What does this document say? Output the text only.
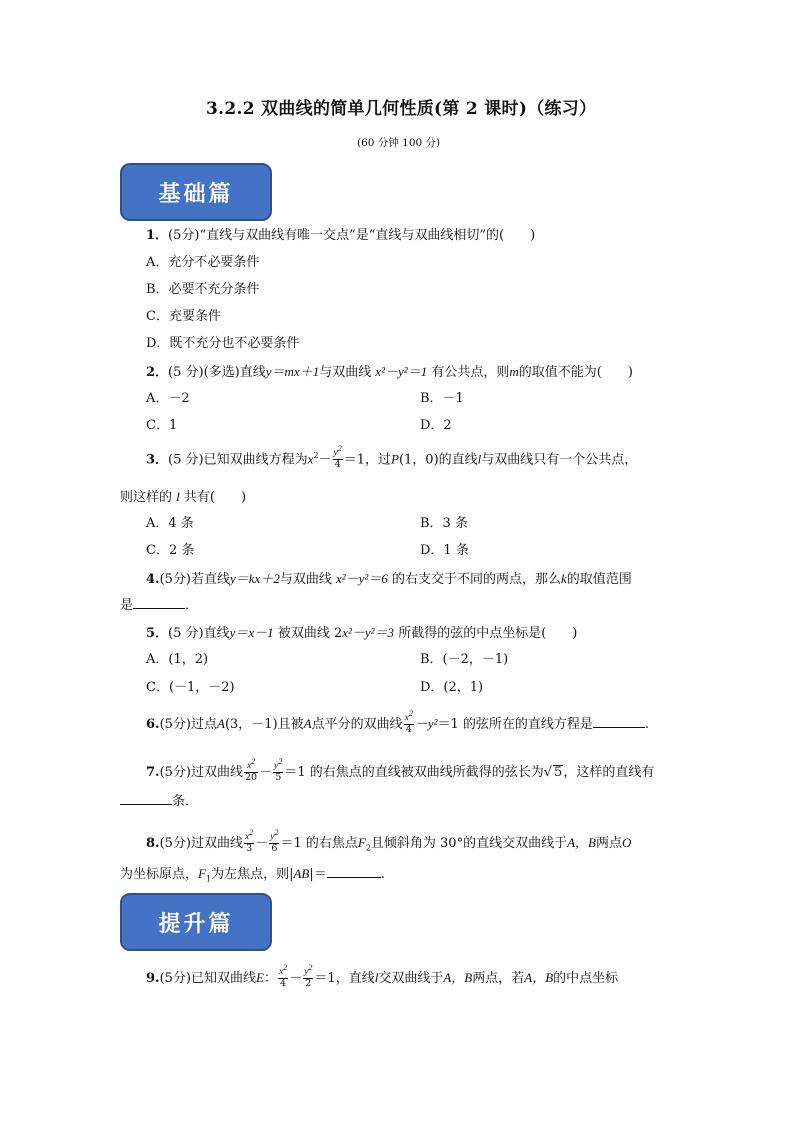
3.2.2 双曲线的简单几何性质(第 2 课时)（练习）
(60 分钟 100 分)
基础篇
1．(5分)“直线与双曲线有唯一交点”是“直线与双曲线相切”的(　　)
A．充分不必要条件
B．必要不充分条件
C．充要条件
D．既不充分也不必要条件
2．(5 分)(多选)直线y＝mx＋1与双曲线 x²－y²＝1 有公共点，则m的取值不能为(　　)
A．－2	B．－1
C．1	D．2
3．(5 分)已知双曲线方程为$x^2- \frac{y^2}{4} =1$，过P(1，0)的直线l与双曲线只有一个公共点，
则这样的 l 共有(　　)
A．4 条	B．3 条
C．2 条	D．1 条
4.(5分)若直线y＝kx＋2与双曲线 x²－y²＝6 的右支交于不同的两点，那么k的取值范围
是	．
5．(5 分)直线y＝x－1 被双曲线 2x²－y²＝3 所截得的弦的中点坐标是(　　)
A．(1，2)	B．(－2，－1)
C．(－1，－2)	D．(2，1)
6.(5分)过点A(3，－1)且被A点平分的双曲线 $\frac{x^2}{4} -y^2=1$ 的弦所在的直线方程是	.
7.(5分)过双曲线 $\frac{x^2}{20} - \frac{y^2}{5} =1$ 的右焦点的直线被双曲线所截得的弦长为√ 5，这样的直线有
条．
8.(5分)过双曲线 $\frac{x^2}{3} - \frac{y^2}{6} =1$ 的右焦点$F_2$且倾斜角为 30°的直线交双曲线于A，B两点O
为坐标原点，$F_1$为左焦点，则|AB|＝	.
提升篇
9.(5分)已知双曲线E： $\frac{x^2}{4} - \frac{y^2}{2} =1$，直线l交双曲线于A，B两点，若A，B的中点坐标
